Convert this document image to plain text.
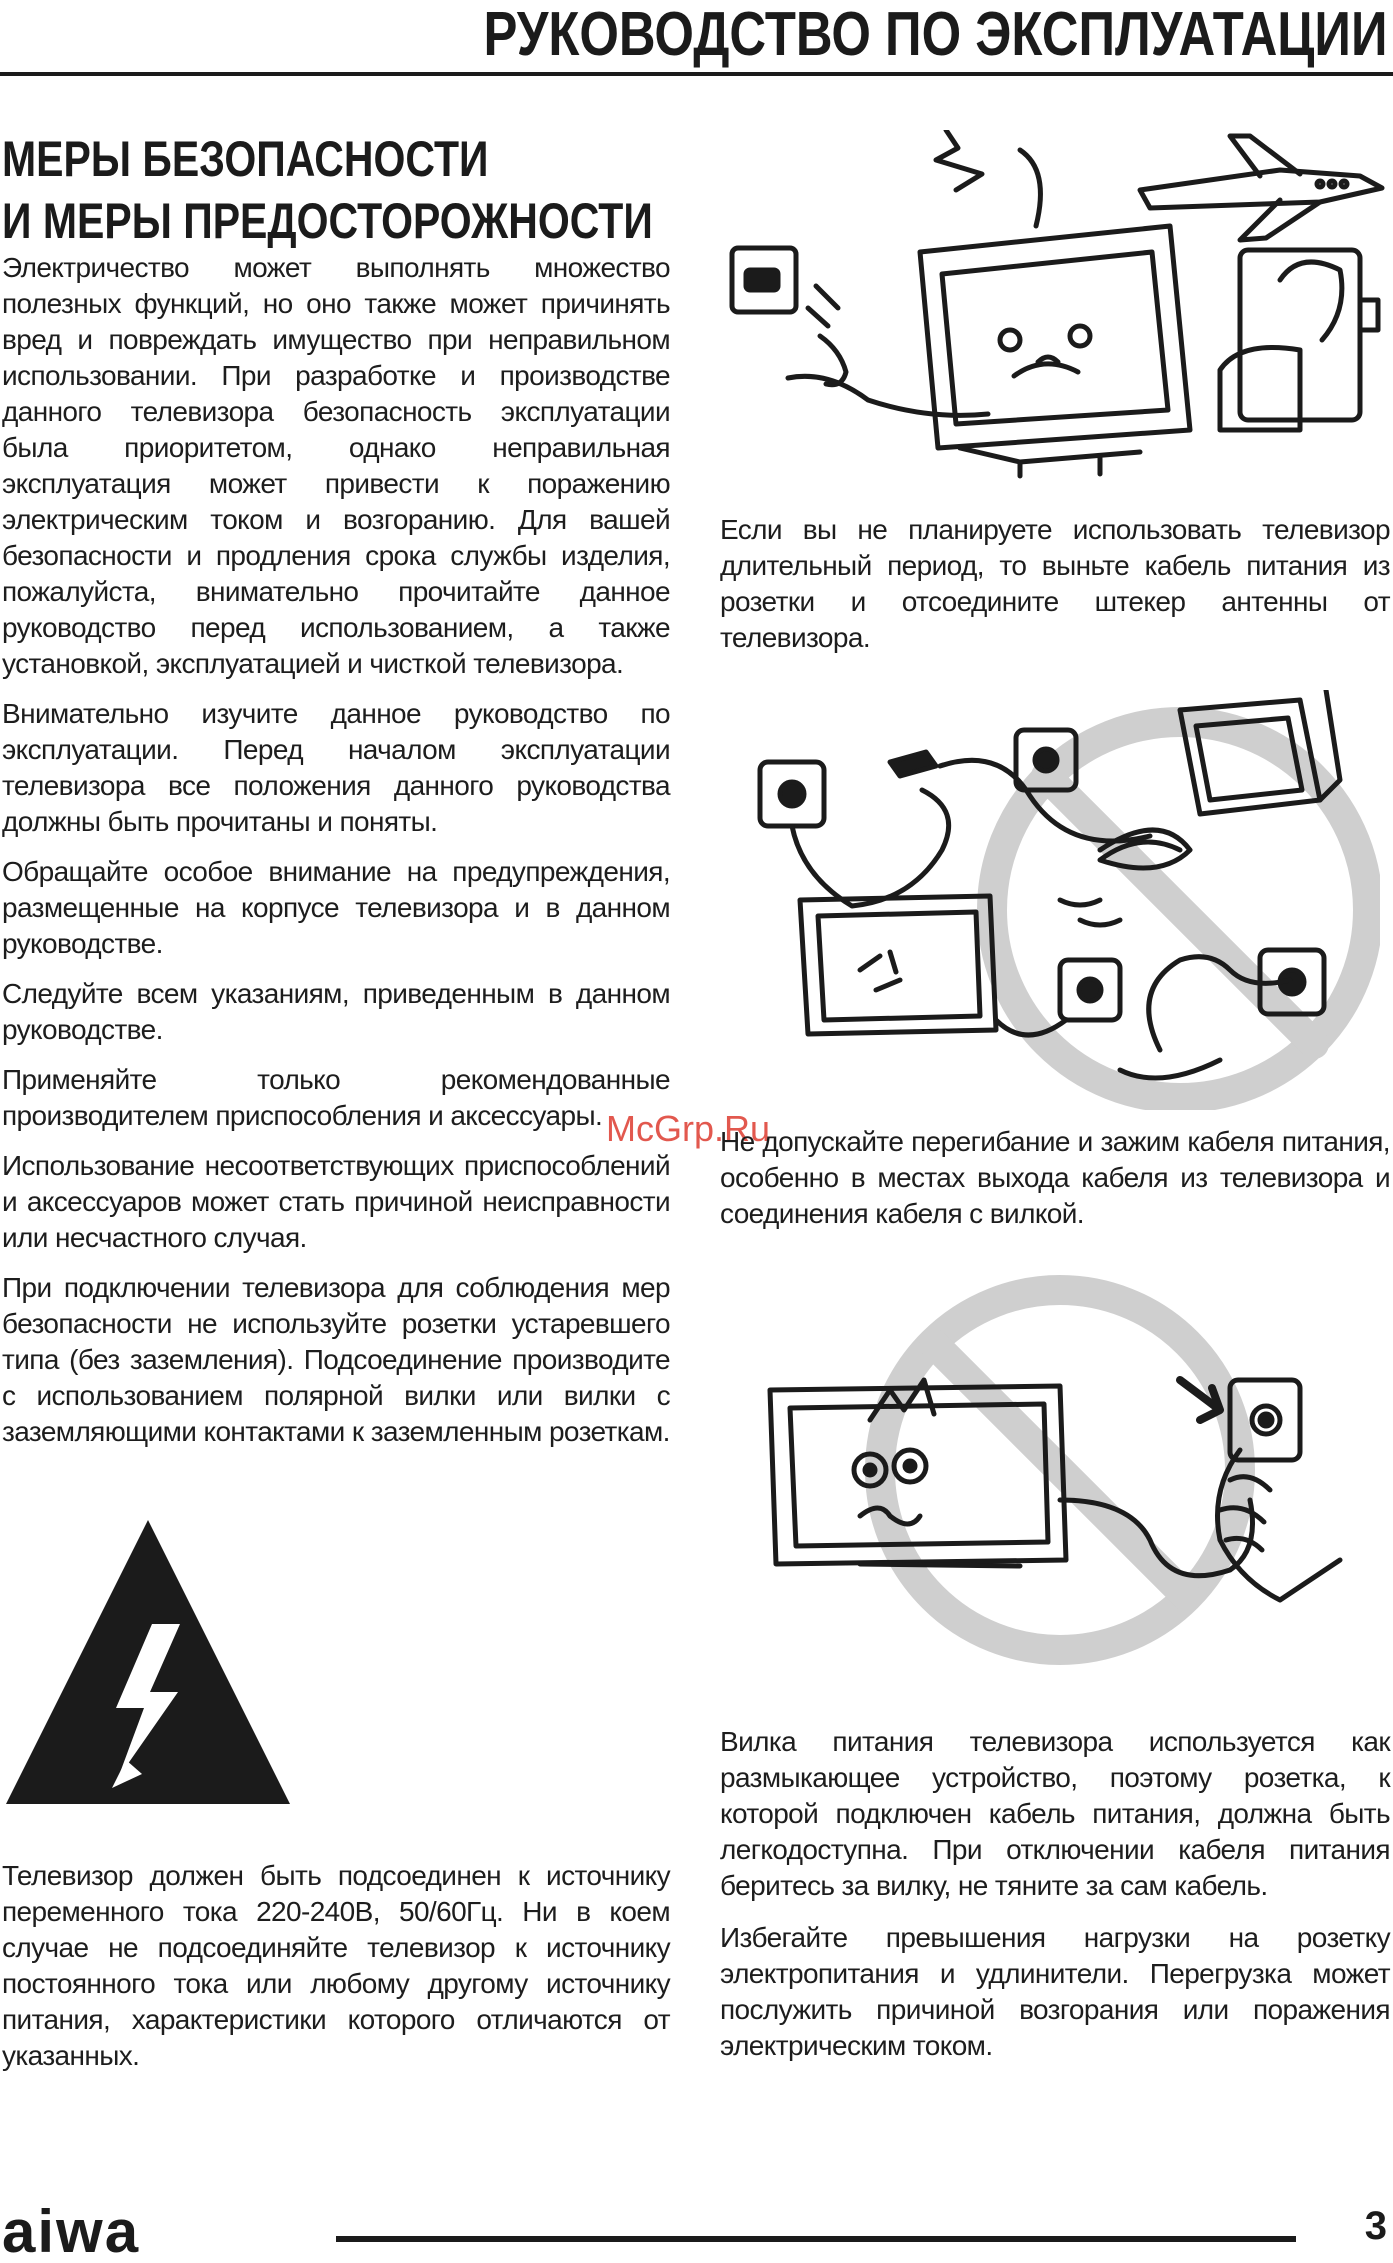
РУКОВОДСТВО ПО ЭКСПЛУАТАЦИИ
МЕРЫ БЕЗОПАСНОСТИ
И МЕРЫ ПРЕДОСТОРОЖНОСТИ

Электричество может выполнять множество полезных функций, но оно также может причинять вред и повреждать имущество при неправильном использовании. При разработке и производстве данного телевизора безопасность эксплуатации была приоритетом, однако неправильная эксплуатация может привести к поражению электрическим током и возгоранию. Для вашей безопасности и продления срока службы изделия, пожалуйста, внимательно прочитайте данное руководство перед использованием, а также установкой, эксплуатацией и чисткой телевизора.

Внимательно изучите данное руководство по эксплуатации. Перед началом эксплуатации телевизора все положения данного руководства должны быть прочитаны и поняты.

Обращайте особое внимание на предупреждения, размещенные на корпусе телевизора и в данном руководстве.

Следуйте всем указаниям, приведенным в данном руководстве.

Применяйте только рекомендованные производителем приспособления и аксессуары.

Использование несоответствующих приспособлений и аксессуаров может стать причиной неисправности или несчастного случая.

При подключении телевизора для соблюдения мер безопасности не используйте розетки устаревшего типа (без заземления). Подсоединение производите с использованием полярной вилки или вилки с заземляющими контактами к заземленным розеткам.

Телевизор должен быть подсоединен к источнику переменного тока 220-240В, 50/60Гц. Ни в коем случае не подсоединяйте телевизор к источнику постоянного тока или любому другому источнику питания, характеристики которого отличаются от указанных.

Если вы не планируете использовать телевизор длительный период, то выньте кабель питания из розетки и отсоедините штекер антенны от телевизора.

McGrp.Ru

Не допускайте перегибание и зажим кабеля питания, особенно в местах выхода кабеля из телевизора и соединения кабеля с вилкой.

Вилка питания телевизора используется как размыкающее устройство, поэтому розетка, к которой подключен кабель питания, должна быть легкодоступна. При отключении кабеля питания беритесь за вилку, не тяните за сам кабель.

Избегайте превышения нагрузки на розетку электропитания и удлинители. Перегрузка может послужить причиной возгорания или поражения электрическим током.

aiwa	3
